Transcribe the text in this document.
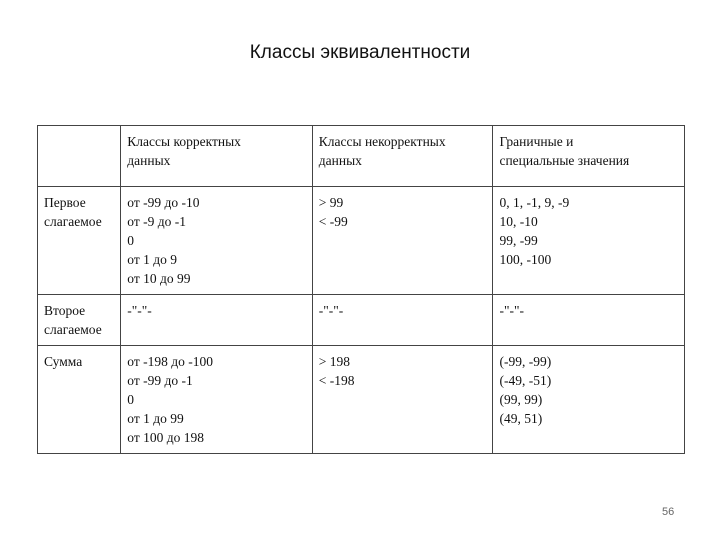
Классы эквивалентности

	Классы корректных
данных	Классы некорректных
данных	Граничные и
специальные значения

Первое
слагаемое	от -99 до -10
от -9 до -1
0
от 1 до 9
от 10 до 99	> 99
< -99	0, 1, -1, 9, -9
10, -10
99, -99
100, -100

Второе
слагаемое	-"-"-	-"-"-	-"-"-

Сумма	от -198 до -100
от -99 до -1
0
от 1 до 99
от 100 до 198	> 198
< -198	(-99, -99)
(-49, -51)
(99, 99)
(49, 51)
56
